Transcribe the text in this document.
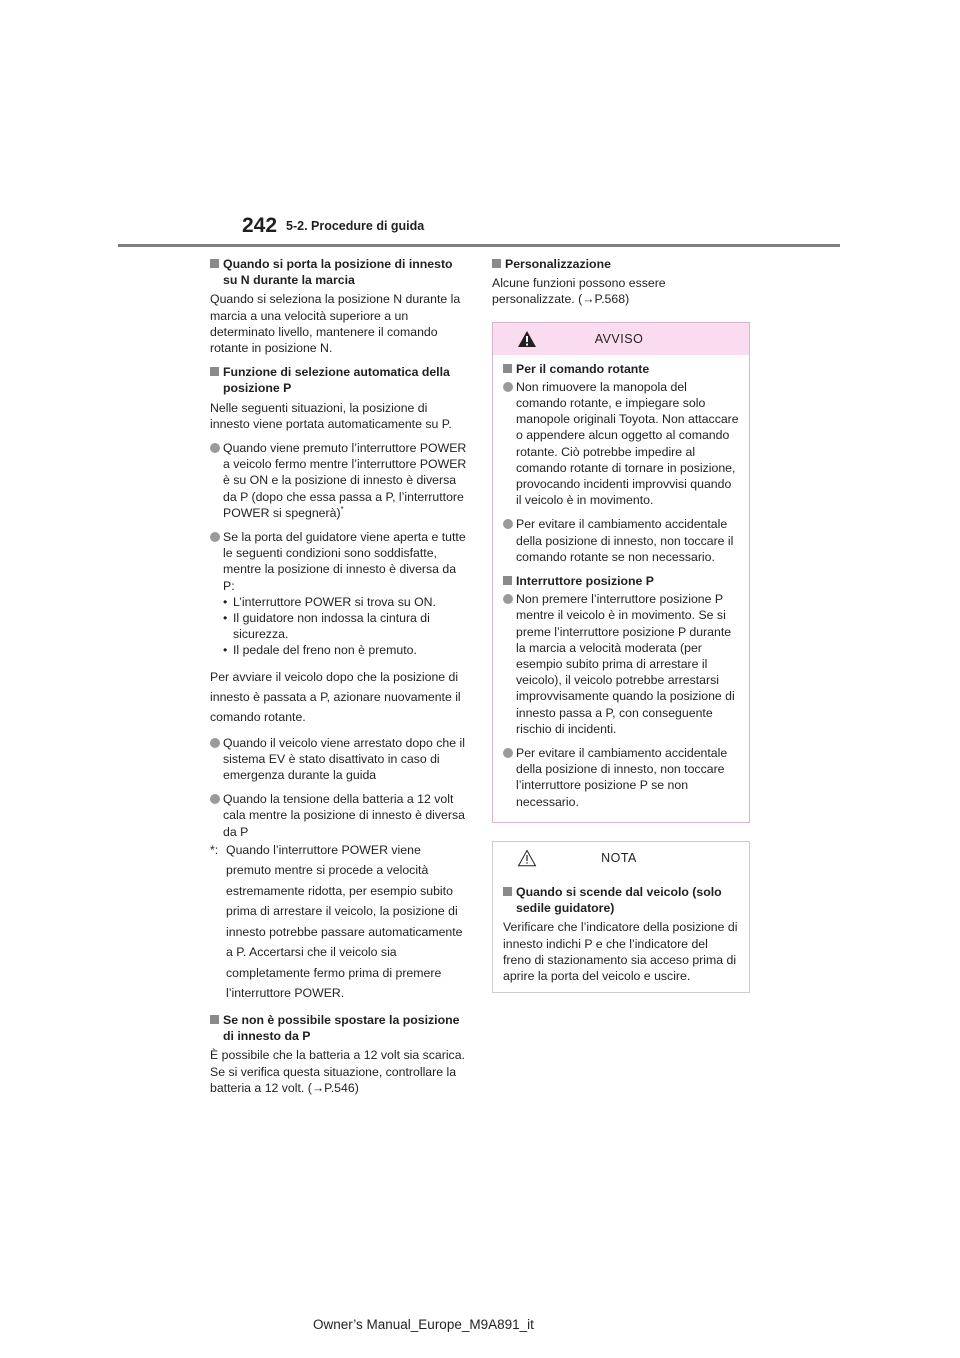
242 5-2. Procedure di guida
Quando si porta la posizione di innesto su N durante la marcia

Quando si seleziona la posizione N durante la marcia a una velocità superiore a un determinato livello, mantenere il comando rotante in posizione N.

Funzione di selezione automatica della posizione P

Nelle seguenti situazioni, la posizione di innesto viene portata automaticamente su P.

Quando viene premuto l’interruttore POWER a veicolo fermo mentre l’interruttore POWER è su ON e la posizione di innesto è diversa da P (dopo che essa passa a P, l’interruttore POWER si spegnerà)*
Se la porta del guidatore viene aperta e tutte le seguenti condizioni sono soddisfatte, mentre la posizione di innesto è diversa da P:
• L’interruttore POWER si trova su ON.
• Il guidatore non indossa la cintura di sicurezza.
• Il pedale del freno non è premuto.

Per avviare il veicolo dopo che la posizione di innesto è passata a P, azionare nuovamente il comando rotante.

Quando il veicolo viene arrestato dopo che il sistema EV è stato disattivato in caso di emergenza durante la guida
Quando la tensione della batteria a 12 volt cala mentre la posizione di innesto è diversa da P
*: Quando l’interruttore POWER viene premuto mentre si procede a velocità estremamente ridotta, per esempio subito prima di arrestare il veicolo, la posizione di innesto potrebbe passare automaticamente a P. Accertarsi che il veicolo sia completamente fermo prima di premere l’interruttore POWER.
Se non è possibile spostare la posizione di innesto da P

È possibile che la batteria a 12 volt sia scarica. Se si verifica questa situazione, controllare la batteria a 12 volt. (→P.546)

Personalizzazione

Alcune funzioni possono essere personalizzate. (→P.568)

AVVISO
Per il comando rotante
Non rimuovere la manopola del comando rotante, e impiegare solo manopole originali Toyota. Non attaccare o appendere alcun oggetto al comando rotante. Ciò potrebbe impedire al comando rotante di tornare in posizione, provocando incidenti improvvisi quando il veicolo è in movimento.
Per evitare il cambiamento accidentale della posizione di innesto, non toccare il comando rotante se non necessario.
Interruttore posizione P
Non premere l’interruttore posizione P mentre il veicolo è in movimento. Se si preme l’interruttore posizione P durante la marcia a velocità moderata (per esempio subito prima di arrestare il veicolo), il veicolo potrebbe arrestarsi improvvisamente quando la posizione di innesto passa a P, con conseguente rischio di incidenti.
Per evitare il cambiamento accidentale della posizione di innesto, non toccare l’interruttore posizione P se non necessario.
NOTA
Quando si scende dal veicolo (solo sedile guidatore)

Verificare che l’indicatore della posizione di innesto indichi P e che l’indicatore del freno di stazionamento sia acceso prima di aprire la porta del veicolo e uscire.

Owner’s Manual_Europe_M9A891_it
